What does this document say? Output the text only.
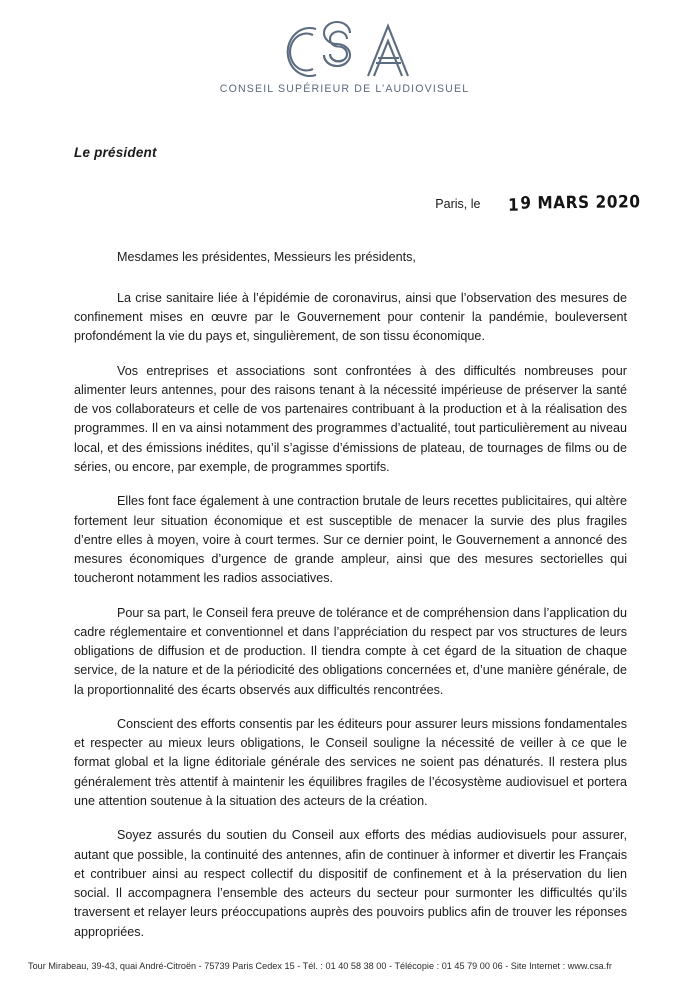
CONSEIL SUPÉRIEUR DE L’AUDIOVISUEL
Le président
Paris, le 19 MARS 2020
Mesdames les présidentes, Messieurs les présidents,

La crise sanitaire liée à l’épidémie de coronavirus, ainsi que l’observation des mesures de confinement mises en œuvre par le Gouvernement pour contenir la pandémie, bouleversent profondément la vie du pays et, singulièrement, de son tissu économique.

Vos entreprises et associations sont confrontées à des difficultés nombreuses pour alimenter leurs antennes, pour des raisons tenant à la nécessité impérieuse de préserver la santé de vos collaborateurs et celle de vos partenaires contribuant à la production et à la réalisation des programmes. Il en va ainsi notamment des programmes d’actualité, tout particulièrement au niveau local, et des émissions inédites, qu’il s’agisse d’émissions de plateau, de tournages de films ou de séries, ou encore, par exemple, de programmes sportifs.

Elles font face également à une contraction brutale de leurs recettes publicitaires, qui altère fortement leur situation économique et est susceptible de menacer la survie des plus fragiles d’entre elles à moyen, voire à court termes. Sur ce dernier point, le Gouvernement a annoncé des mesures économiques d’urgence de grande ampleur, ainsi que des mesures sectorielles qui toucheront notamment les radios associatives.

Pour sa part, le Conseil fera preuve de tolérance et de compréhension dans l’application du cadre réglementaire et conventionnel et dans l’appréciation du respect par vos structures de leurs obligations de diffusion et de production. Il tiendra compte à cet égard de la situation de chaque service, de la nature et de la périodicité des obligations concernées et, d’une manière générale, de la proportionnalité des écarts observés aux difficultés rencontrées.

Conscient des efforts consentis par les éditeurs pour assurer leurs missions fondamentales et respecter au mieux leurs obligations, le Conseil souligne la nécessité de veiller à ce que le format global et la ligne éditoriale générale des services ne soient pas dénaturés. Il restera plus généralement très attentif à maintenir les équilibres fragiles de l’écosystème audiovisuel et portera une attention soutenue à la situation des acteurs de la création.

Soyez assurés du soutien du Conseil aux efforts des médias audiovisuels pour assurer, autant que possible, la continuité des antennes, afin de continuer à informer et divertir les Français et contribuer ainsi au respect collectif du dispositif de confinement et à la préservation du lien social. Il accompagnera l’ensemble des acteurs du secteur pour surmonter les difficultés qu’ils traversent et relayer leurs préoccupations auprès des pouvoirs publics afin de trouver les réponses appropriées.

Tour Mirabeau, 39-43, quai André-Citroën - 75739 Paris Cedex 15 - Tél. : 01 40 58 38 00 - Télécopie : 01 45 79 00 06 - Site Internet : www.csa.fr
